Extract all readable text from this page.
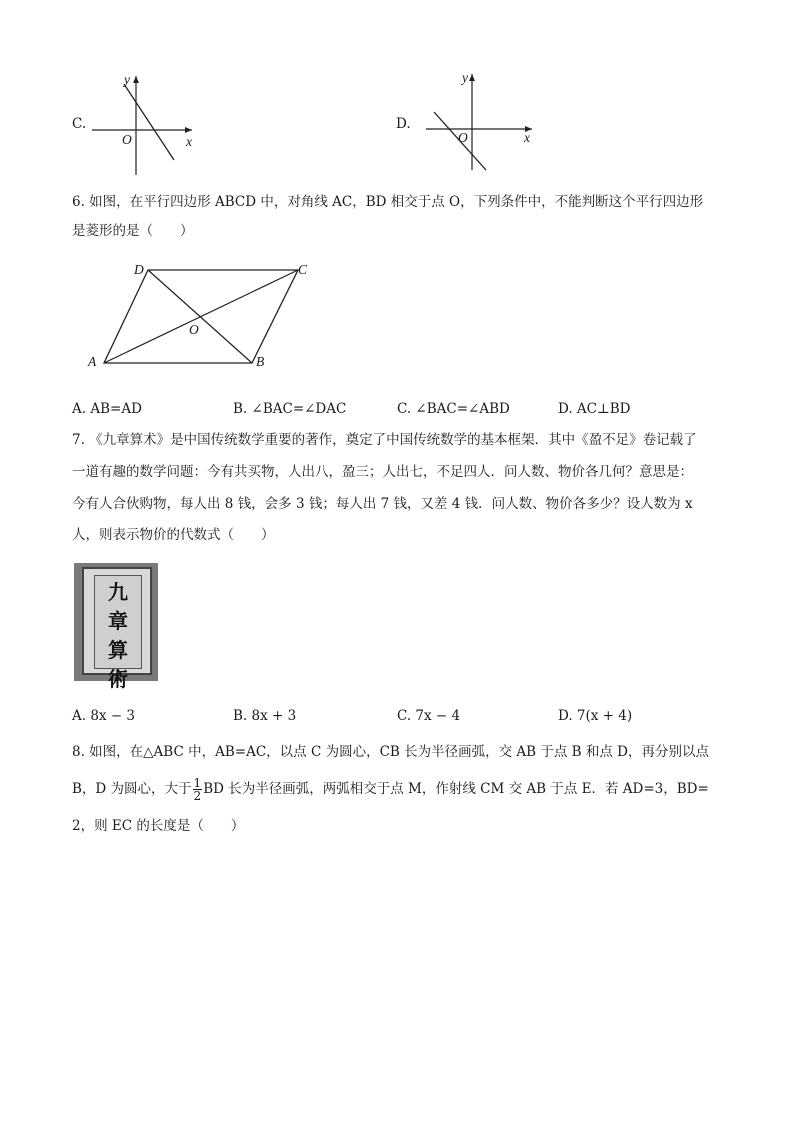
C.
y
x
O
D.
y
x
O
6. 如图，在平行四边形 ABCD 中，对角线 AC，BD 相交于点 O，下列条件中，不能判断这个平行四边形
是菱形的是（　　）
A	B
C
D
O
A. AB=AD	B. ∠BAC=∠DAC	C. ∠BAC=∠ABD	D. AC⊥BD
7. 《九章算术》是中国传统数学重要的著作，奠定了中国传统数学的基本框架．其中《盈不足》卷记载了
一道有趣的数学问题：今有共买物，人出八，盈三；人出七，不足四人．问人数、物价各几何？意思是：
今有人合伙购物，每人出 8 钱，会多 3 钱；每人出 7 钱，又差 4 钱．问人数、物价各多少？设人数为 x
人，则表示物价的代数式（　　）
九
章
算
術
A. 8x − 3	B. 8x + 3	C. 7x − 4	D. 7(x + 4)
8. 如图，在△ABC 中，AB=AC，以点 C 为圆心，CB 长为半径画弧，交 AB 于点 B 和点 D，再分别以点
B，D 为圆心，大于 $\frac{1}{2}$ BD 长为半径画弧，两弧相交于点 M，作射线 CM 交 AB 于点 E．若 AD=3，BD=
2，则 EC 的长度是（　　）
